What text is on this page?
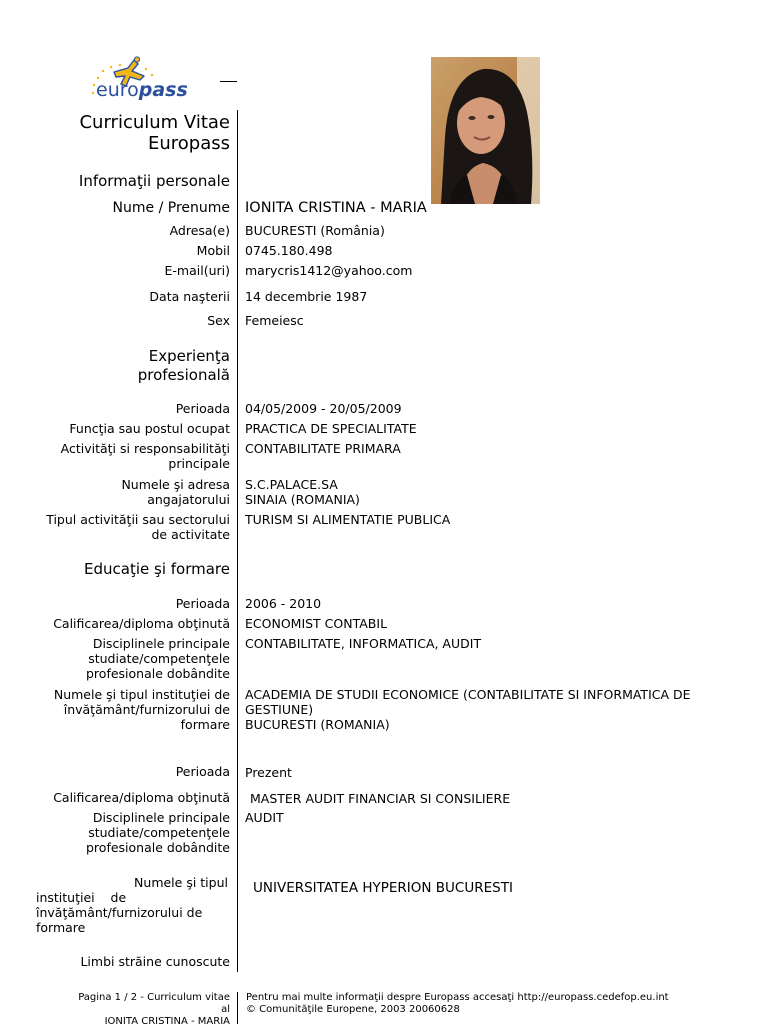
europass
Curriculum Vitae
Europass
Informaţii personale
Nume / Prenume IONITA CRISTINA - MARIA
Adresa(e) BUCURESTI (România)
Mobil 0745.180.498
E-mail(uri) marycris1412@yahoo.com
Data naşterii 14 decembrie 1987
Sex Femeiesc
Experienţa
profesională
Perioada 04/05/2009 - 20/05/2009
Funcţia sau postul ocupat PRACTICA DE SPECIALITATE
Activităţi si responsabilităţi
principale
CONTABILITATE PRIMARA
Numele şi adresa
angajatorului
S.C.PALACE.SA
SINAIA (ROMANIA)
Tipul activităţii sau sectorului
de activitate
TURISM SI ALIMENTATIE PUBLICA
Educaţie şi formare
Perioada 2006 - 2010
Calificarea/diploma obţinută ECONOMIST CONTABIL
Disciplinele principale
studiate/competenţele
profesionale dobândite
CONTABILITATE, INFORMATICA, AUDIT
Numele şi tipul instituţiei de
învăţământ/furnizorului de
formare
ACADEMIA DE STUDII ECONOMICE (CONTABILITATE SI INFORMATICA DE
GESTIUNE)
BUCURESTI (ROMANIA)
Perioada Prezent
Calificarea/diploma obţinută MASTER AUDIT FINANCIAR SI CONSILIERE
Disciplinele principale
studiate/competenţele
profesionale dobândite
AUDIT
Numele şi tipul
instituţiei    de
învăţământ/furnizorului de
formare
UNIVERSITATEA HYPERION BUCURESTI
Limbi străine cunoscute
Pagina 1 / 2 - Curriculum vitae
al
IONITA CRISTINA - MARIA
Pentru mai multe informaţii despre Europass accesaţi http://europass.cedefop.eu.int
© Comunităţile Europene, 2003 20060628
